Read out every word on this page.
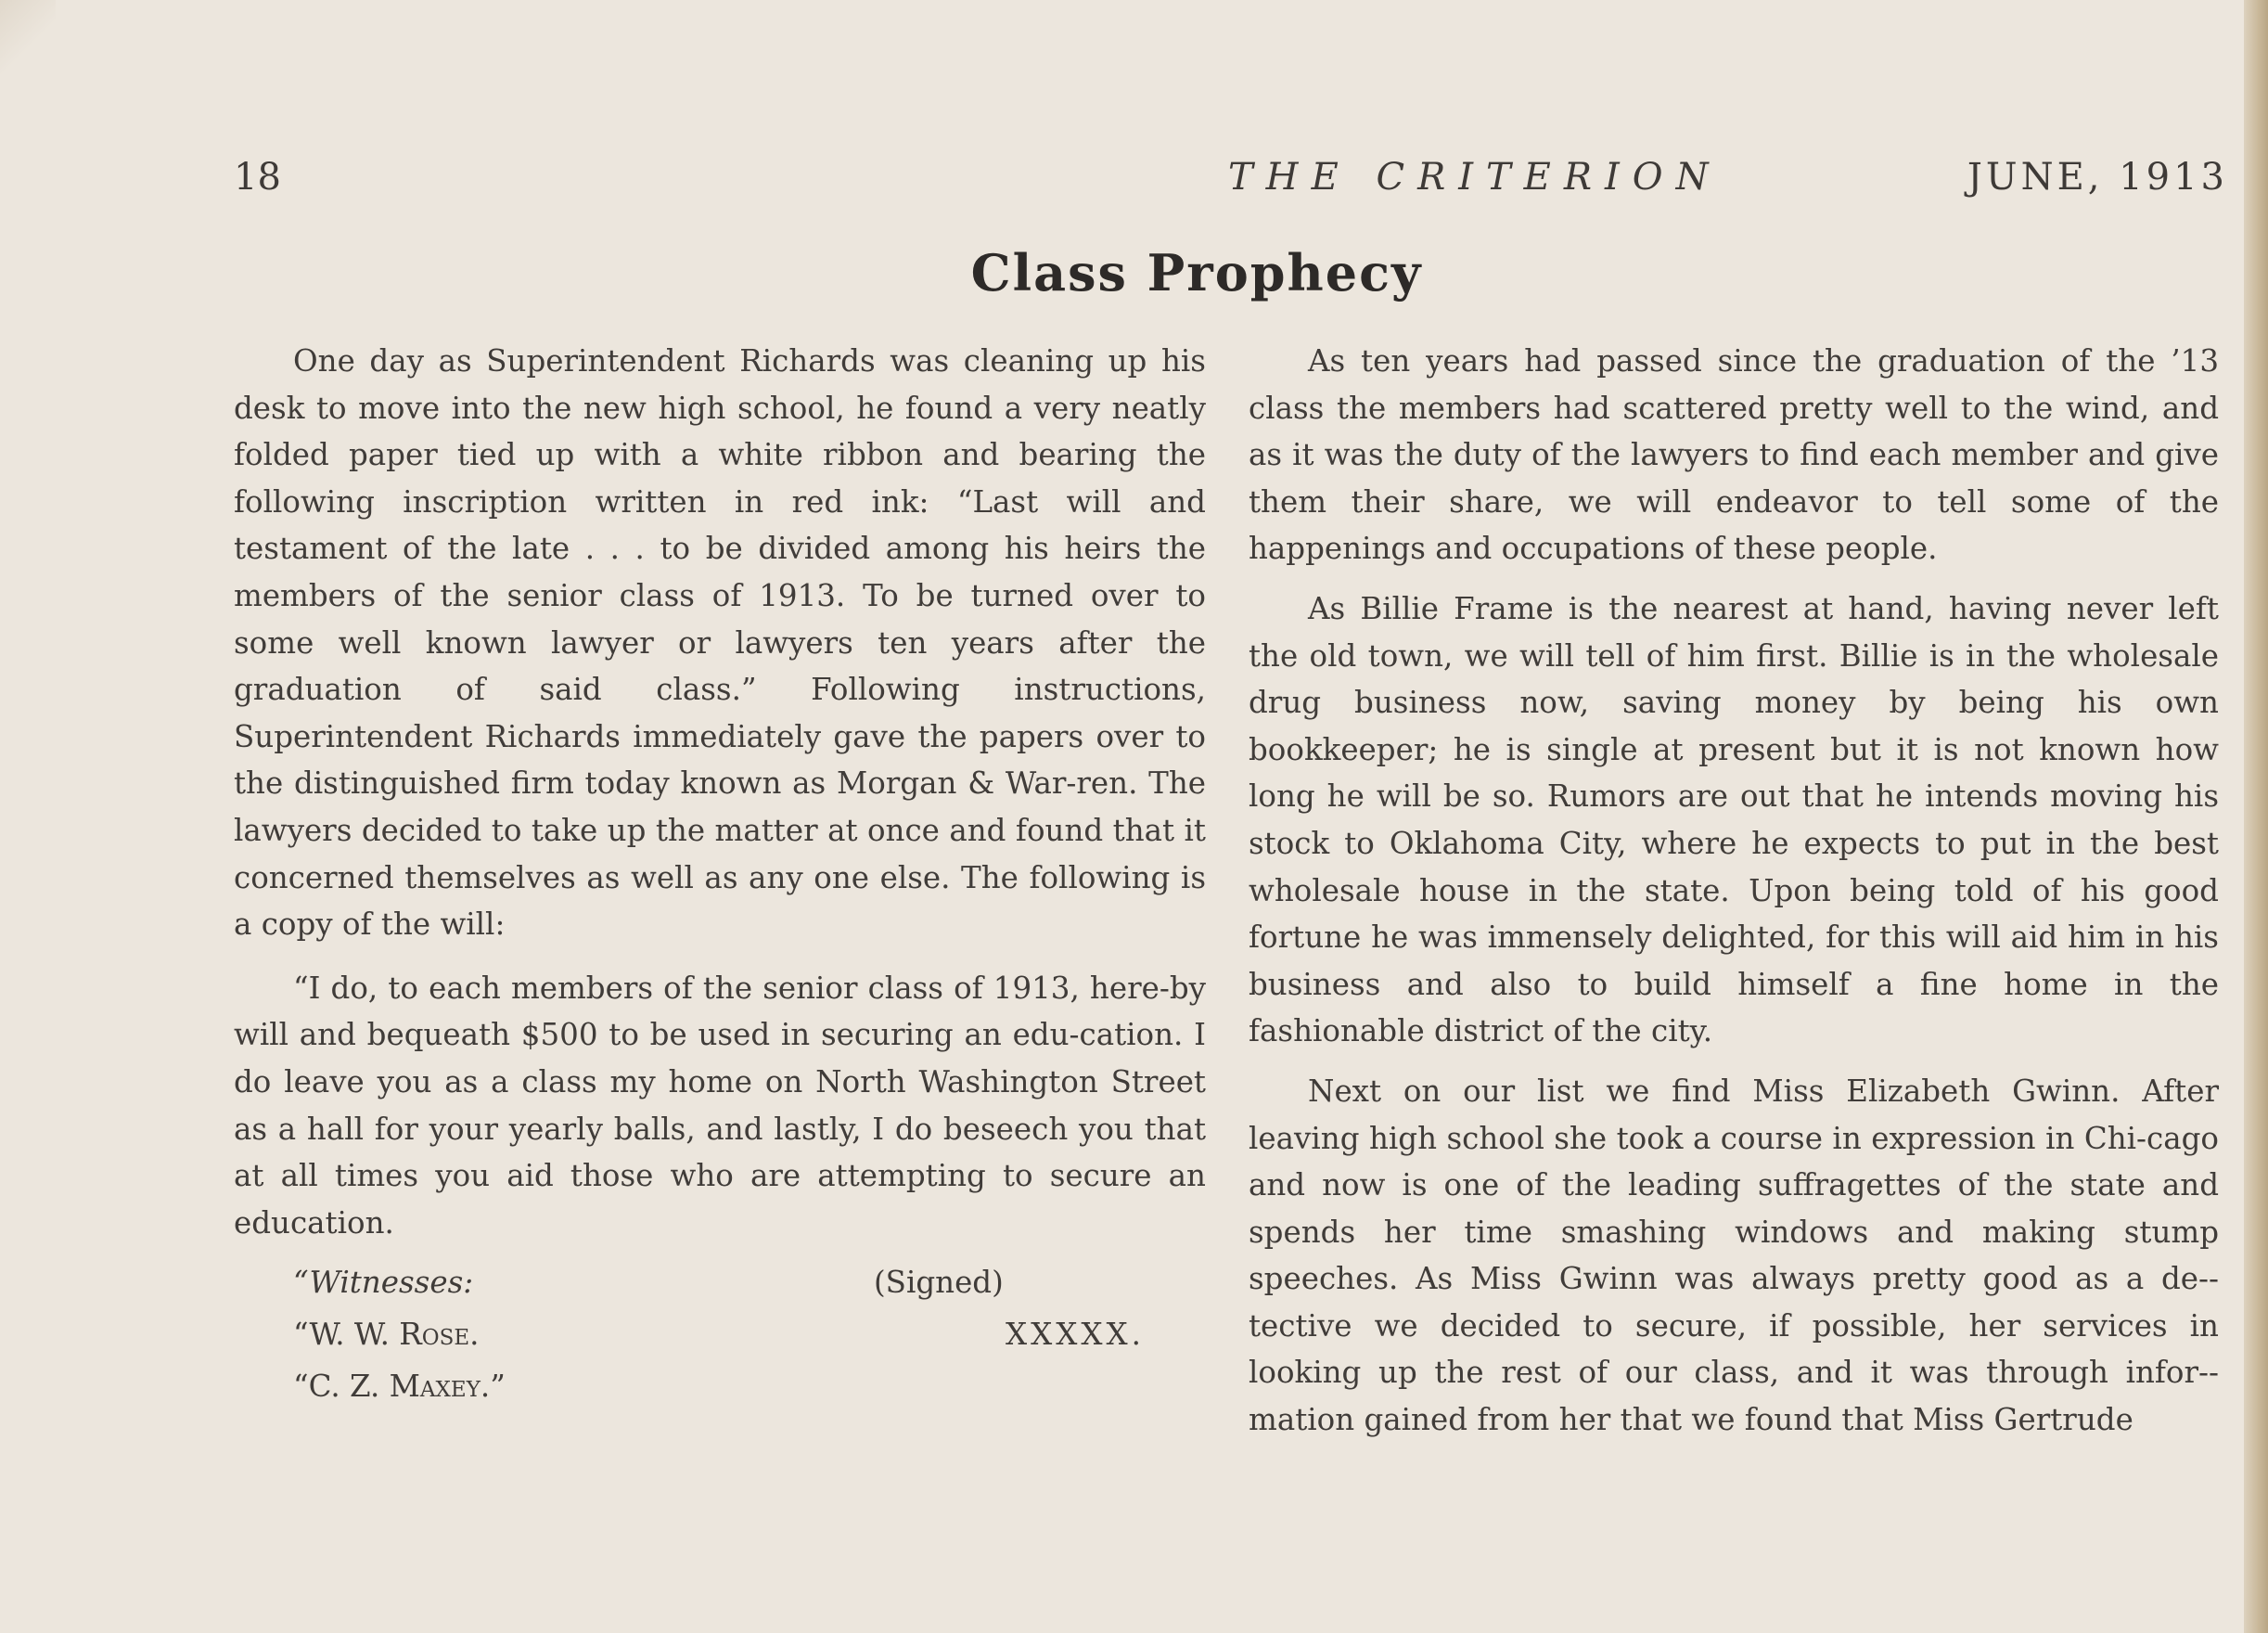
18	THE CRITERION	JUNE, 1913
Class Prophecy

One day as Superintendent Richards was cleaning up his desk to move into the new high school, he found a very neatly folded paper tied up with a white ribbon and bearing the following inscription written in red ink: “Last will and testament of the late . . . to be divided among his heirs the members of the senior class of 1913. To be turned over to some well known lawyer or lawyers ten years after the graduation of said class.” Following instructions, Superintendent Richards immediately gave the papers over to the distinguished firm today known as Morgan & War-ren. The lawyers decided to take up the matter at once and found that it concerned themselves as well as any one else. The following is a copy of the will:

“I do, to each members of the senior class of 1913, here-by will and bequeath $500 to be used in securing an edu-cation. I do leave you as a class my home on North Washington Street as a hall for your yearly balls, and lastly, I do beseech you that at all times you aid those who are attempting to secure an education.

“Witnesses:	(Signed)
“W. W. Rose.	XXXXX.
“C. Z. Maxey.”

As ten years had passed since the graduation of the ’13 class the members had scattered pretty well to the wind, and as it was the duty of the lawyers to find each member and give them their share, we will endeavor to tell some of the happenings and occupations of these people.

As Billie Frame is the nearest at hand, having never left the old town, we will tell of him first. Billie is in the wholesale drug business now, saving money by being his own bookkeeper; he is single at present but it is not known how long he will be so. Rumors are out that he intends moving his stock to Oklahoma City, where he expects to put in the best wholesale house in the state. Upon being told of his good fortune he was immensely delighted, for this will aid him in his business and also to build himself a fine home in the fashionable district of the city.

Next on our list we find Miss Elizabeth Gwinn. After leaving high school she took a course in expression in Chi-cago and now is one of the leading suffragettes of the state and spends her time smashing windows and making stump speeches. As Miss Gwinn was always pretty good as a de-tective we decided to secure, if possible, her services in looking up the rest of our class, and it was through infor-mation gained from her that we found that Miss Gertrude
